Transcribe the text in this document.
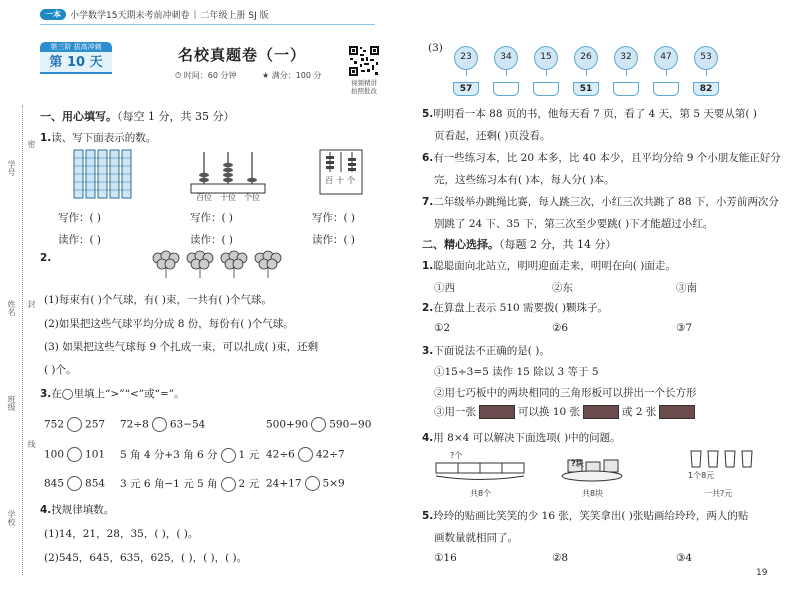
一本	小学数学15天期末考前冲刺卷 | 二年级上册 SJ 版
第三阶 拔高冲刺
第 10 天	名校真题卷（一）
⏱ 时间：60 分钟	★ 满分：100 分
视频精讲
拍照批改
学号
姓名
班级
学校
密
封
线
一、用心填写。（每空 1 分，共 35 分）
1.读、写下面表示的数。
百位 十位 个位
百 十 个
写作：( )	写作：( )	写作：( )
读作：( )	读作：( )	读作：( )
2.
(1)每束有( )个气球，有( )束，一共有( )个气球。
(2)如果把这些气球平均分成 8 份，每份有( )个气球。
(3) 如果把这些气球每 9 个扎成一束，可以扎成( )束，还剩
( )个。
3.在◯里填上“>”“<”或“=”。
752 257 72÷8 63−54	500+90 590−90
100 101 5 角 4 分+3 角 6 分 1 元 42÷6 42÷7
845 854 3 元 6 角−1 元 5 角 2 元 24+17 5×9
4.找规律填数。
(1)14，21，28，35，( )，( )。
(2)545，645，635，625，( )，( )，( )。
(3)
23
57
34	15	26
51
32	47	53
82
5.明明看一本 88 页的书，他每天看 7 页，看了 4 天，第 5 天要从第( )
页看起，还剩( )页没看。
6.有一些练习本，比 20 本多，比 40 本少，且平均分给 9 个小朋友能正好分
完，这些练习本有( )本，每人分( )本。
7.二年级举办跳绳比赛，每人跳三次，小红三次共跳了 88 下，小芳前两次分
别跳了 24 下、35 下，第三次至少要跳( )下才能超过小红。
二、精心选择。（每题 2 分，共 14 分）
1.聪聪面向北站立，明明迎面走来，明明在向( )面走。
①西	②东	③南
2.在算盘上表示 510 需要拨( )颗珠子。
①2	②6	③7
3.下面说法不正确的是( )。
①15÷3=5 读作 15 除以 3 等于 5
②用七巧板中的两块相同的三角形板可以拼出一个长方形
③用一张	可以换 10 张	或 2 张
4.用 8×4 可以解决下面选项( )中的问题。
?个
共8个
?块
共8块
1个8元
一共?元
5.玲玲的贴画比笑笑的少 16 张，笑笑拿出( )张贴画给玲玲，两人的贴
画数量就相同了。
①16	②8	③4
19
